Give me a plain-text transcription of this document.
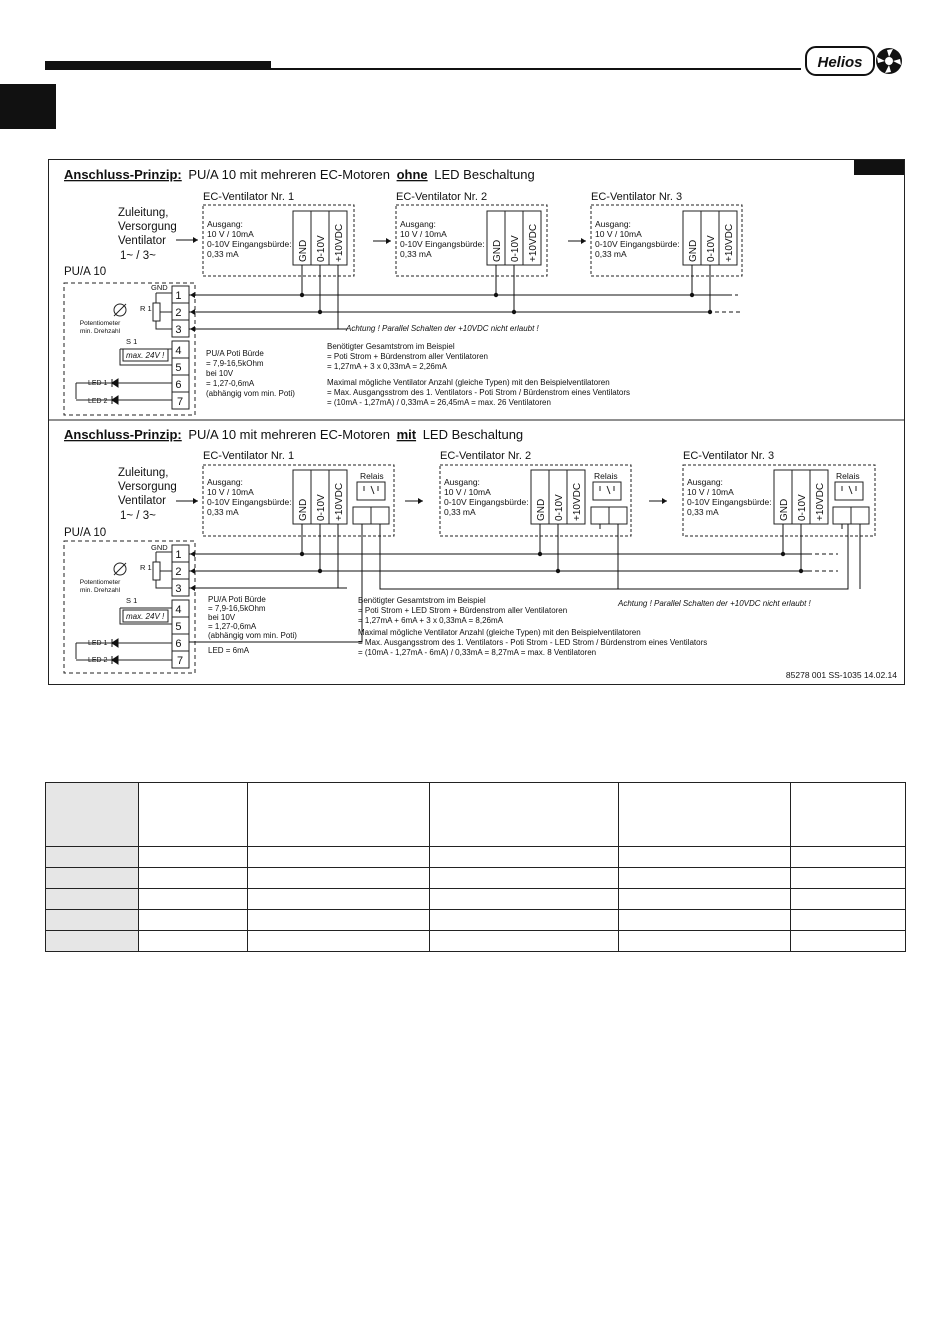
Helios
Anschluss-Prinzip: PU/A 10 mit mehreren EC-Motoren ohne LED Beschaltung
Zuleitung, Versorgung Ventilator 1~ / 3~
PU/A 10
EC-Ventilator Nr. 1
Ausgang: 10 V / 10mA 0-10V Eingangsbürde: 0,33 mA	GND 0-10V +10VDC
EC-Ventilator Nr. 2
Ausgang: 10 V / 10mA 0-10V Eingangsbürde: 0,33 mA	GND 0-10V +10VDC
EC-Ventilator Nr. 3
Ausgang: 10 V / 10mA 0-10V Eingangsbürde: 0,33 mA	GND 0-10V +10VDC
1 2 3 4 5 6 7
GND
R 1
Potentiometer min. Drehzahl
S 1
max. 24V !
LED 1
LED 2
Achtung ! Parallel Schalten der +10VDC nicht erlaubt !
PU/A Poti Bürde = 7,9-16,5kOhm bei 10V = 1,27-0,6mA (abhängig vom min. Poti)
Benötigter Gesamtstrom im Beispiel = Poti Strom + Bürdenstrom aller Ventilatoren = 1,27mA + 3 x 0,33mA = 2,26mA Maximal mögliche Ventilator Anzahl (gleiche Typen) mit den Beispielventilatoren = Max. Ausgangsstrom des 1. Ventilators - Poti Strom / Bürdenstrom eines Ventilators = (10mA - 1,27mA) / 0,33mA = 26,45mA = max. 26 Ventilatoren
Anschluss-Prinzip: PU/A 10 mit mehreren EC-Motoren mit LED Beschaltung
Zuleitung, Versorgung Ventilator 1~ / 3~
PU/A 10
EC-Ventilator Nr. 1
Ausgang: 10 V / 10mA 0-10V Eingangsbürde: 0,33 mA	GND 0-10V +10VDC
Relais
EC-Ventilator Nr. 2
Ausgang: 10 V / 10mA 0-10V Eingangsbürde: 0,33 mA	GND 0-10V +10VDC
Relais
EC-Ventilator Nr. 3
Ausgang: 10 V / 10mA 0-10V Eingangsbürde: 0,33 mA	GND 0-10V +10VDC
Relais
1 2 3 4 5 6 7
GND
R 1
Potentiometer min. Drehzahl
S 1
max. 24V !
LED 1
LED 2
Achtung ! Parallel Schalten der +10VDC nicht erlaubt !
PU/A Poti Bürde = 7,9-16,5kOhm bei 10V = 1,27-0,6mA (abhängig vom min. Poti)
LED = 6mA
Benötigter Gesamtstrom im Beispiel = Poti Strom + LED Strom + Bürdenstrom aller Ventilatoren = 1,27mA + 6mA + 3 x 0,33mA = 8,26mA Maximal mögliche Ventilator Anzahl (gleiche Typen) mit den Beispielventilatoren = Max. Ausgangsstrom des 1. Ventilators - Poti Strom - LED Strom / Bürdenstrom eines Ventilators = (10mA - 1,27mA - 6mA) / 0,33mA = 8,27mA = max. 8 Ventilatoren
85278 001 SS-1035 14.02.14
